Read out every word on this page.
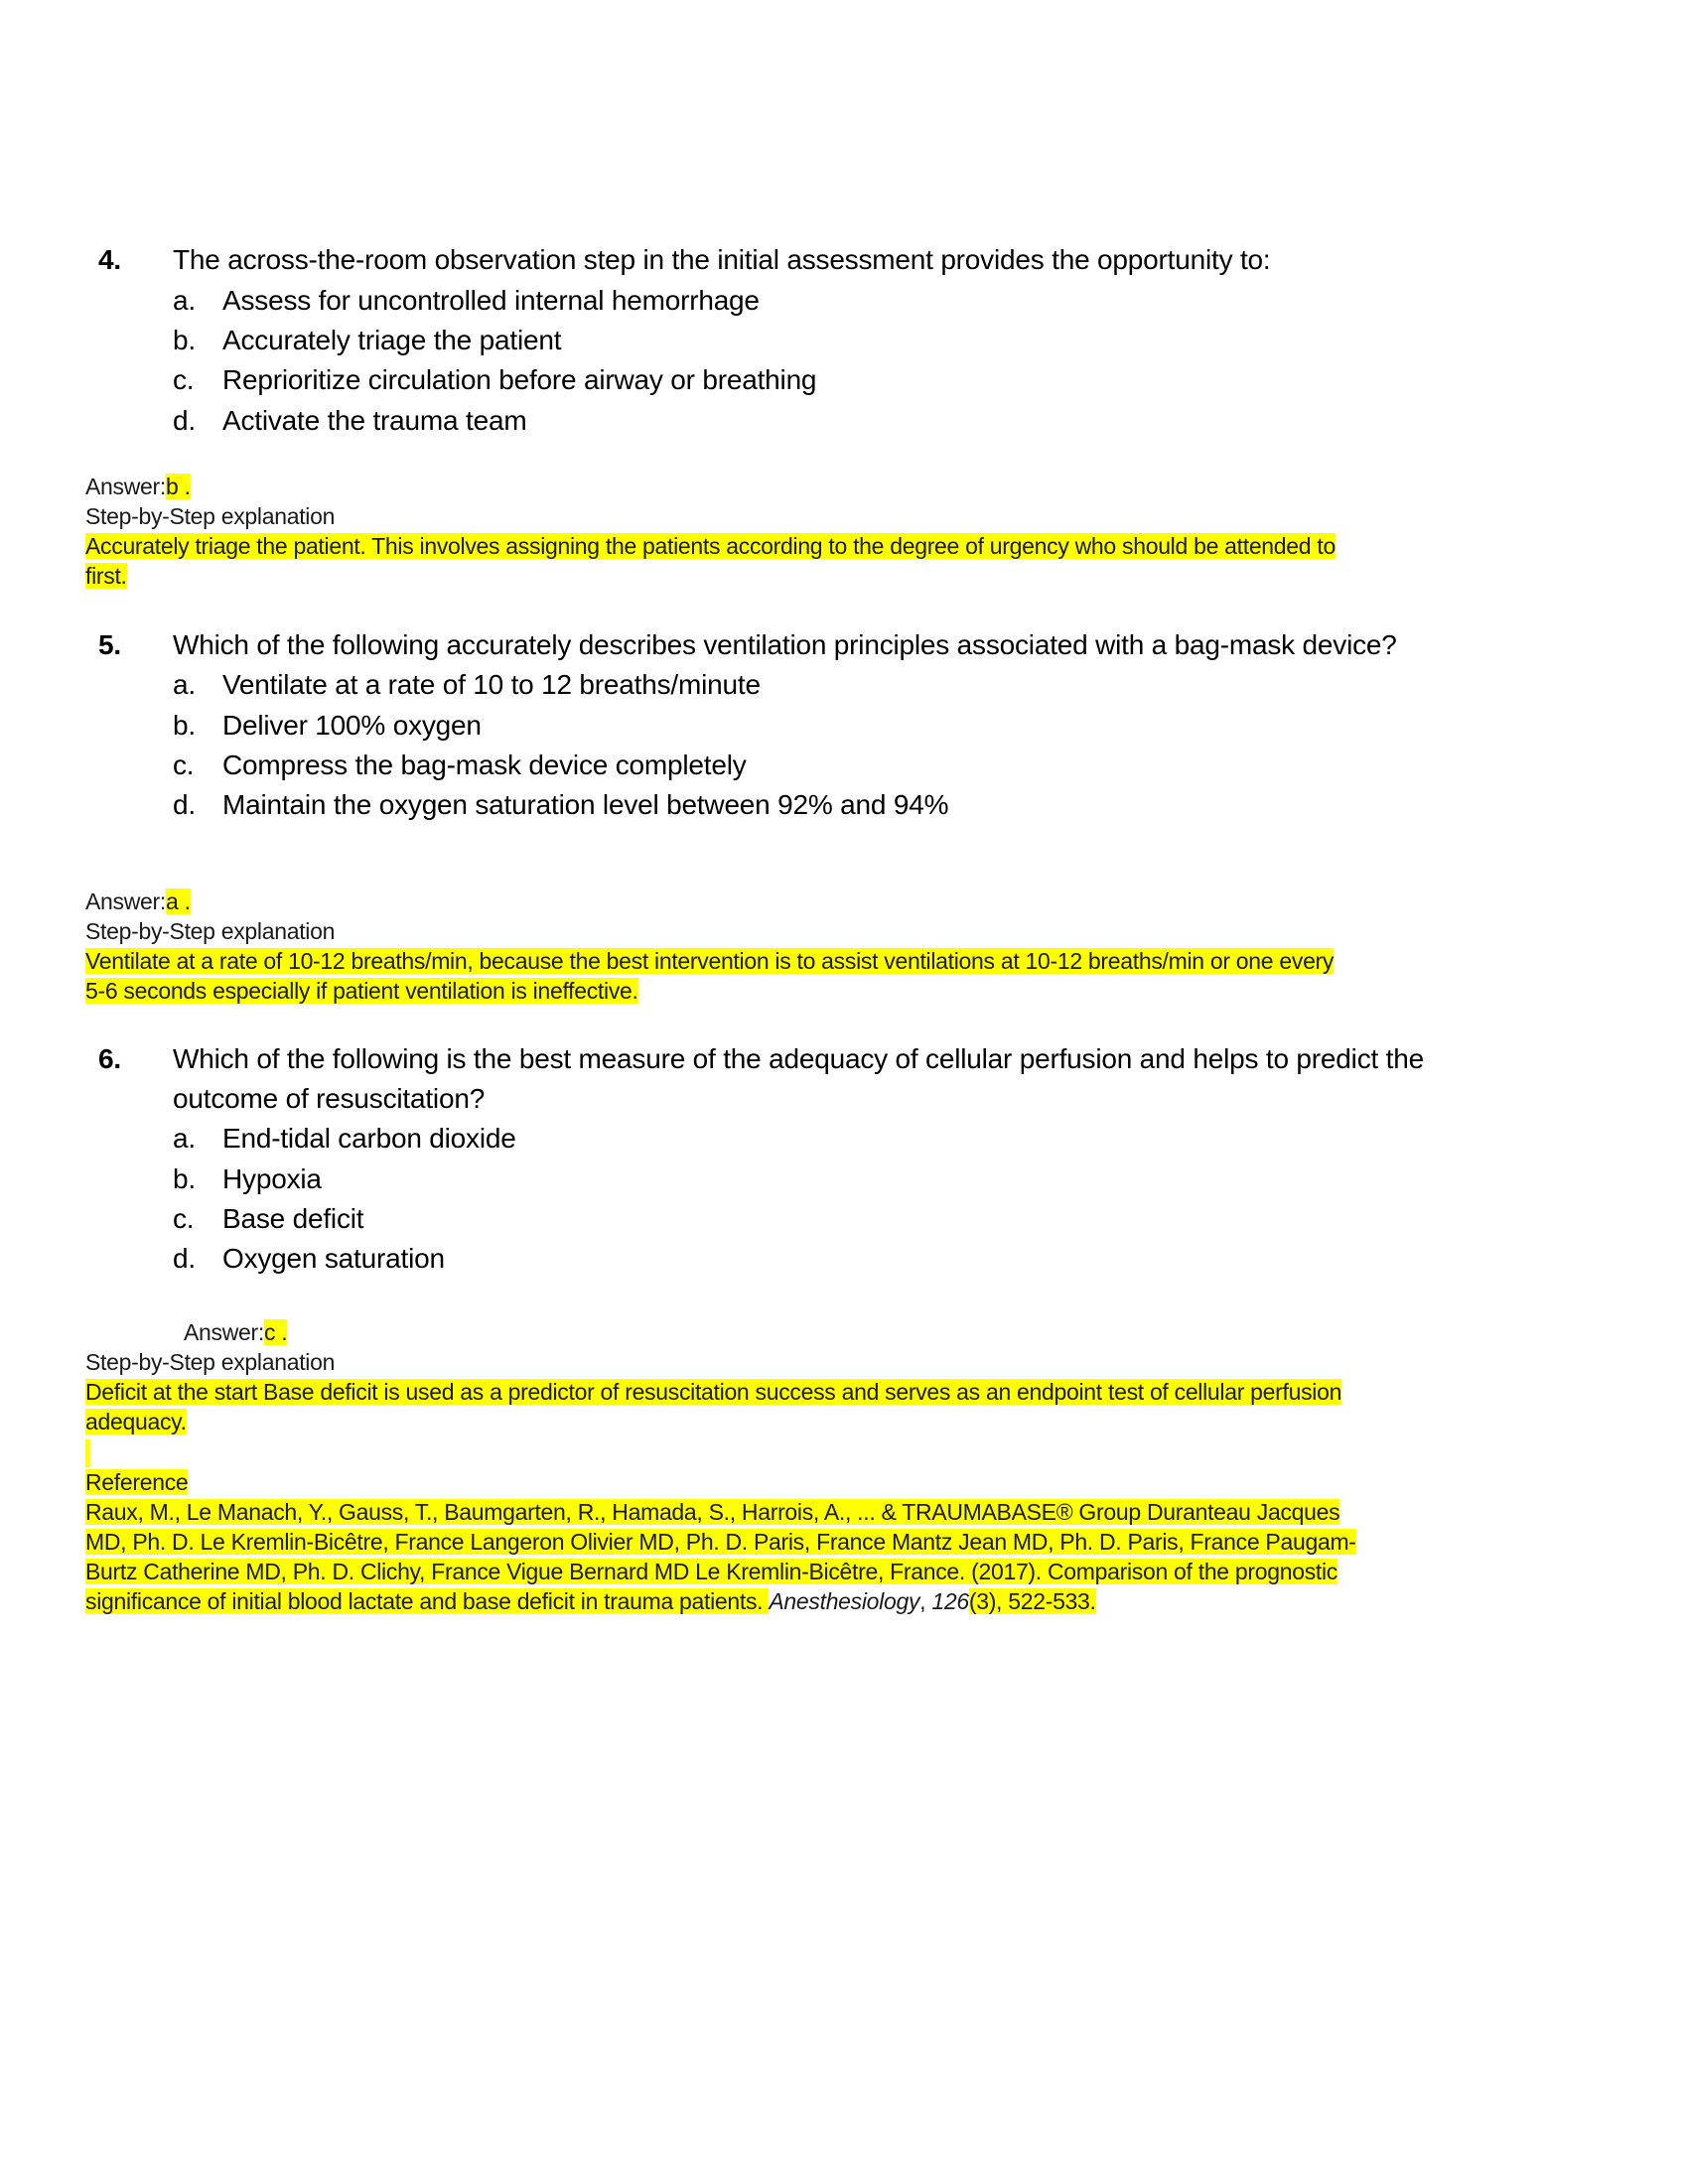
4. The across-the-room observation step in the initial assessment provides the opportunity to:
a. Assess for uncontrolled internal hemorrhage
b. Accurately triage the patient
c. Reprioritize circulation before airway or breathing
d. Activate the trauma team
Answer:b .
Step-by-Step explanation
Accurately triage the patient. This involves assigning the patients according to the degree of urgency who should be attended to
first.
5. Which of the following accurately describes ventilation principles associated with a bag-mask device?
a. Ventilate at a rate of 10 to 12 breaths/minute
b. Deliver 100% oxygen
c. Compress the bag-mask device completely
d. Maintain the oxygen saturation level between 92% and 94%
Answer:a .
Step-by-Step explanation
Ventilate at a rate of 10-12 breaths/min, because the best intervention is to assist ventilations at 10-12 breaths/min or one every
5-6 seconds especially if patient ventilation is ineffective.
6. Which of the following is the best measure of the adequacy of cellular perfusion and helps to predict the
outcome of resuscitation?
a. End-tidal carbon dioxide
b. Hypoxia
c. Base deficit
d. Oxygen saturation
Answer:c .
Step-by-Step explanation
Deficit at the start Base deficit is used as a predictor of resuscitation success and serves as an endpoint test of cellular perfusion
adequacy.
Reference
Raux, M., Le Manach, Y., Gauss, T., Baumgarten, R., Hamada, S., Harrois, A., ... & TRAUMABASE® Group Duranteau Jacques
MD, Ph. D. Le Kremlin-Bicêtre, France Langeron Olivier MD, Ph. D. Paris, France Mantz Jean MD, Ph. D. Paris, France Paugam-
Burtz Catherine MD, Ph. D. Clichy, France Vigue Bernard MD Le Kremlin-Bicêtre, France. (2017). Comparison of the prognostic
significance of initial blood lactate and base deficit in trauma patients. Anesthesiology, 126(3), 522-533.
